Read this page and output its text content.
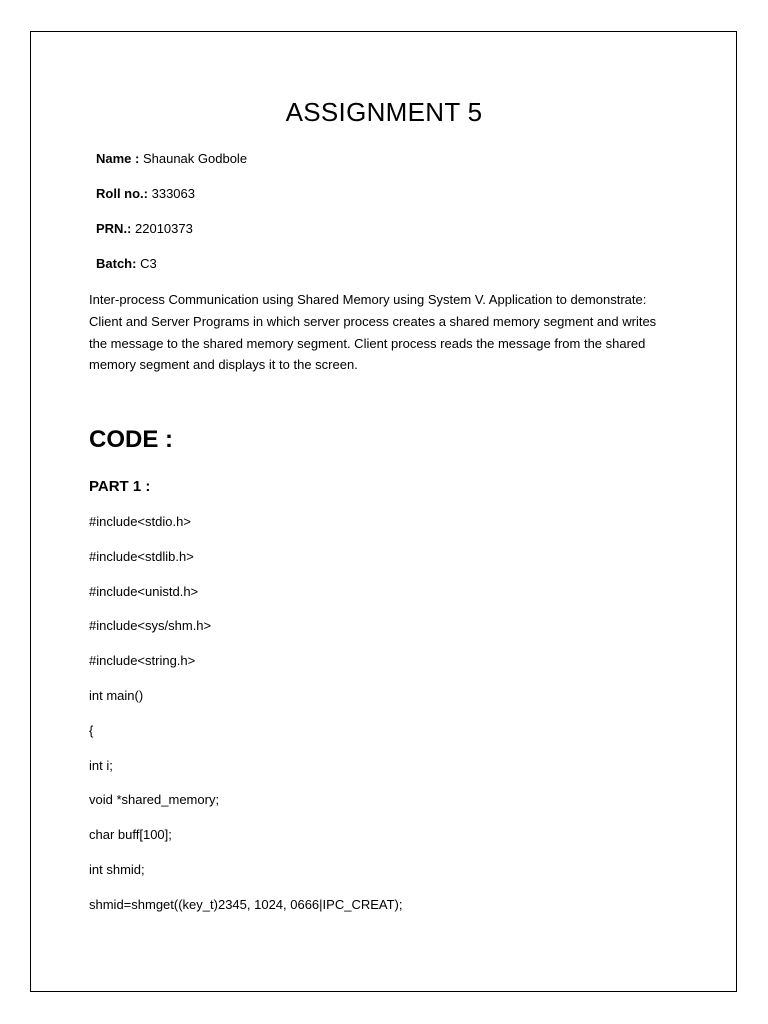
ASSIGNMENT 5
Name : Shaunak Godbole
Roll no.: 333063
PRN.: 22010373
Batch: C3
Inter-process Communication using Shared Memory using System V. Application to demonstrate: Client and Server Programs in which server process creates a shared memory segment and writes the message to the shared memory segment. Client process reads the message from the shared memory segment and displays it to the screen.
CODE :
PART 1 :
#include<stdio.h>
#include<stdlib.h>
#include<unistd.h>
#include<sys/shm.h>
#include<string.h>
int main()
{
int i;
void *shared_memory;
char buff[100];
int shmid;
shmid=shmget((key_t)2345, 1024, 0666|IPC_CREAT);
